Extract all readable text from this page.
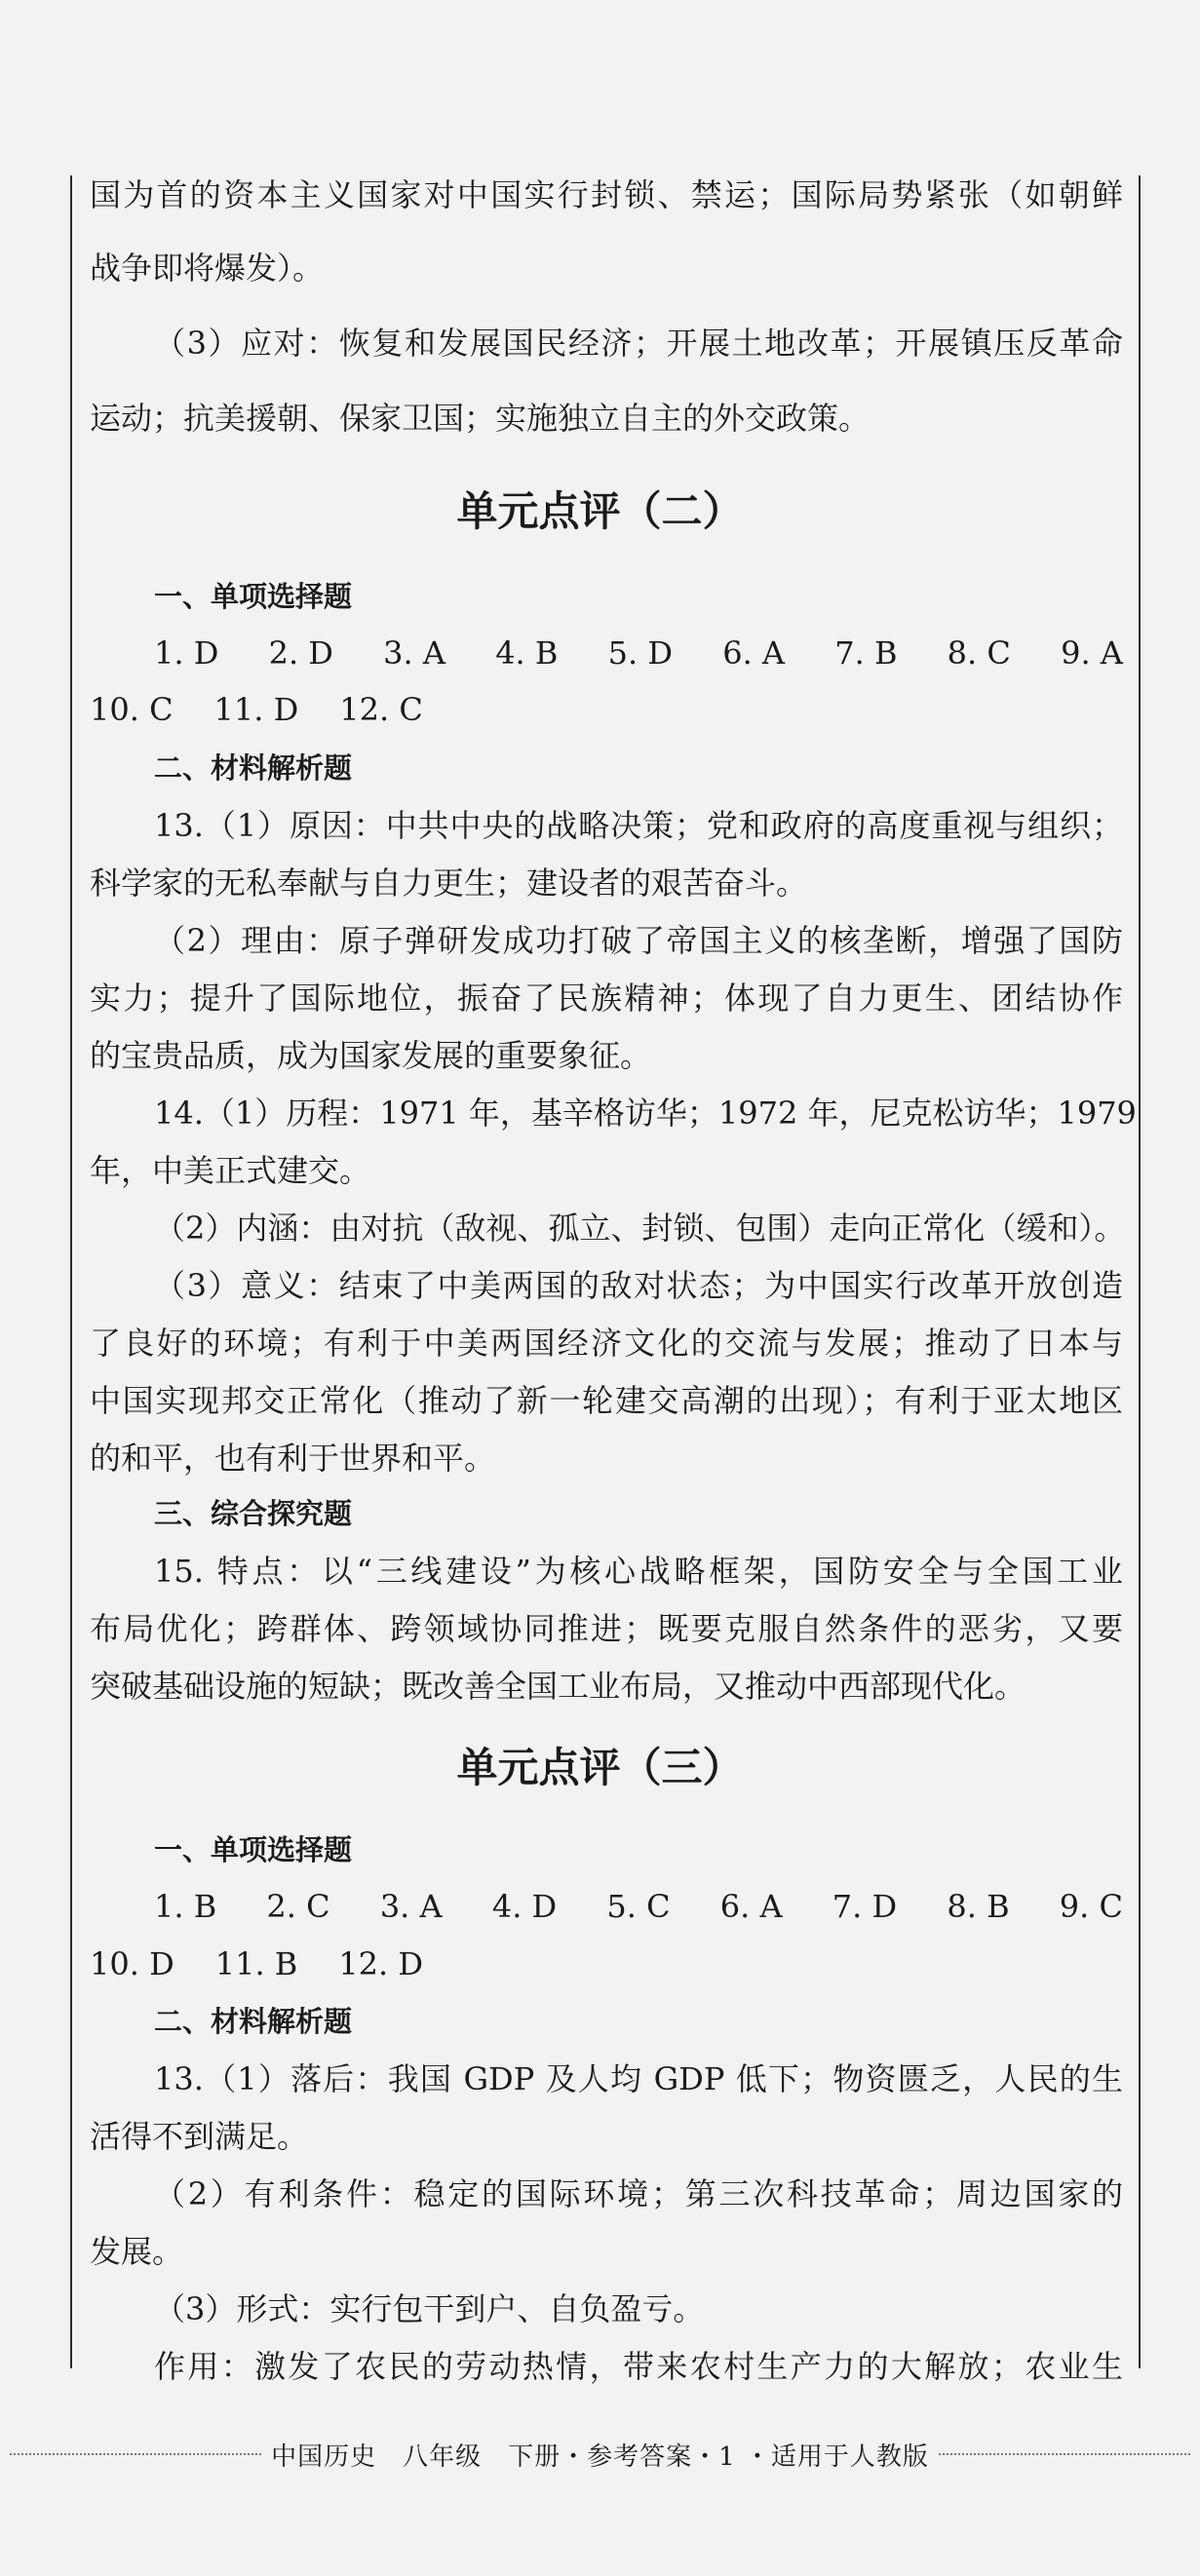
国为首的资本主义国家对中国实行封锁、禁运；国际局势紧张（如朝鲜
战争即将爆发）。
（3）应对：恢复和发展国民经济；开展土地改革；开展镇压反革命
运动；抗美援朝、保家卫国；实施独立自主的外交政策。
单元点评（二）
一、单项选择题
1. D 2. D 3. A 4. B 5. D 6. A 7. B 8. C 9. A
10. C 11. D 12. C
二、材料解析题
13.（1）原因：中共中央的战略决策；党和政府的高度重视与组织；
科学家的无私奉献与自力更生；建设者的艰苦奋斗。
（2）理由：原子弹研发成功打破了帝国主义的核垄断，增强了国防
实力；提升了国际地位，振奋了民族精神；体现了自力更生、团结协作
的宝贵品质，成为国家发展的重要象征。
14.（1）历程：1971 年，基辛格访华；1972 年，尼克松访华；1979
年，中美正式建交。
（2）内涵：由对抗（敌视、孤立、封锁、包围）走向正常化（缓和）。
（3）意义：结束了中美两国的敌对状态；为中国实行改革开放创造
了良好的环境；有利于中美两国经济文化的交流与发展；推动了日本与
中国实现邦交正常化（推动了新一轮建交高潮的出现）；有利于亚太地区
的和平，也有利于世界和平。
三、综合探究题
15. 特点：以“三线建设”为核心战略框架，国防安全与全国工业
布局优化；跨群体、跨领域协同推进；既要克服自然条件的恶劣，又要
突破基础设施的短缺；既改善全国工业布局，又推动中西部现代化。
单元点评（三）
一、单项选择题
1. B 2. C 3. A 4. D 5. C 6. A 7. D 8. B 9. C
10. D 11. B 12. D
二、材料解析题
13.（1）落后：我国 GDP 及人均 GDP 低下；物资匮乏，人民的生
活得不到满足。
（2）有利条件：稳定的国际环境；第三次科技革命；周边国家的
发展。
（3）形式：实行包干到户、自负盈亏。
作用：激发了农民的劳动热情，带来农村生产力的大解放；农业生
中国历史　八年级　下册・参考答案・1 ・适用于人教版
